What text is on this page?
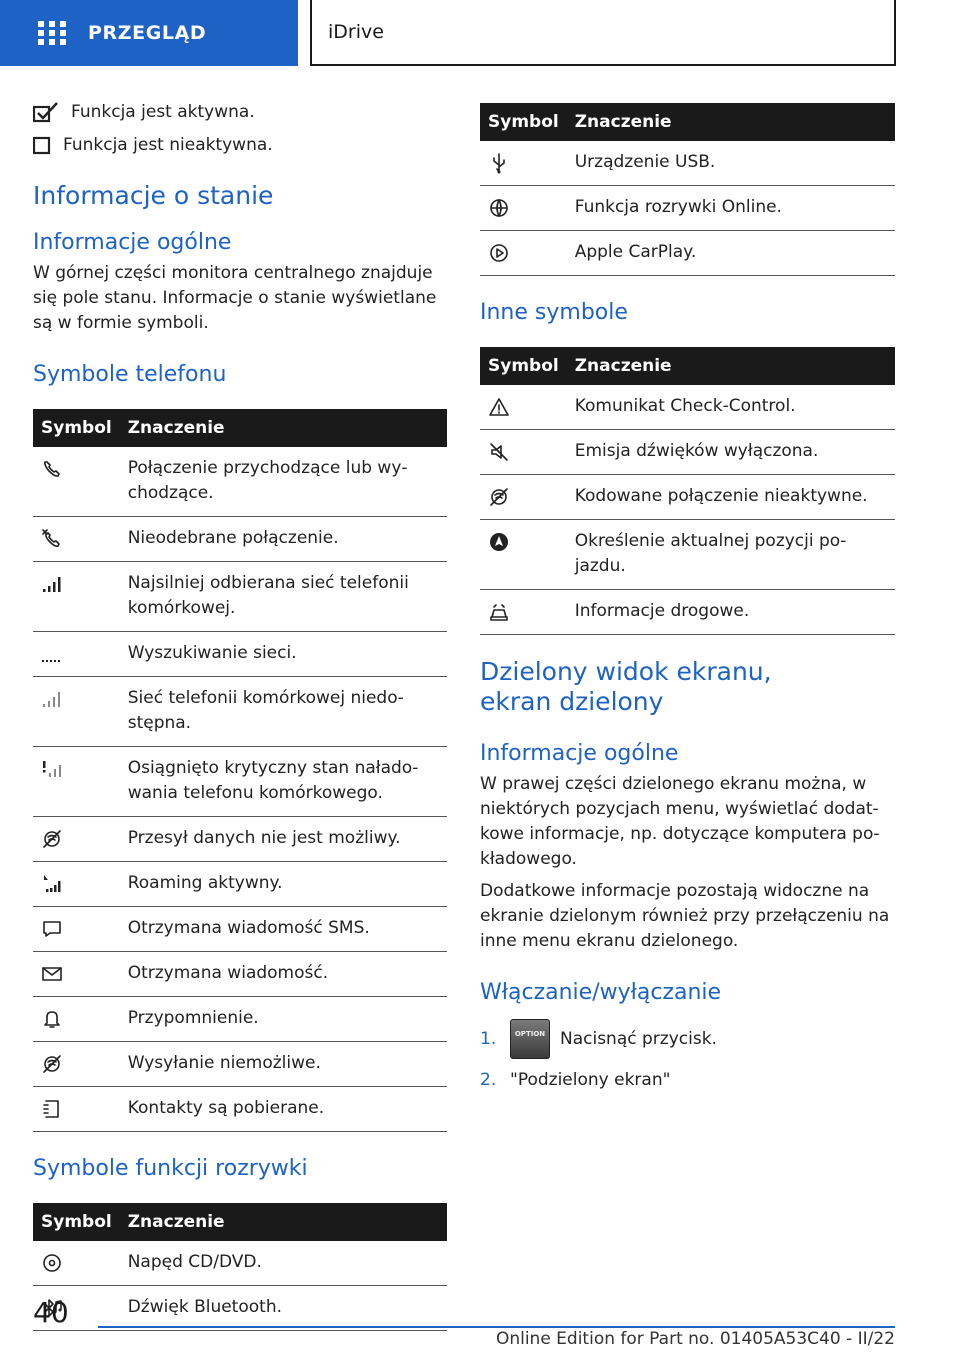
PRZEGLĄD	iDrive
Funkcja jest aktywna.
Funkcja jest nieaktywna.
Informacje o stanie
Informacje ogólne

W górnej części monitora centralnego znajduje się pole stanu. Informacje o stanie wyświetlane są w formie symboli.

Symbole telefonu
Symbol	Znaczenie

	Połączenie przychodzące lub wychodzące.

	Nieodebrane połączenie.

	Najsilniej odbierana sieć telefonii komórkowej.

	Wyszukiwanie sieci.

	Sieć telefonii komórkowej niedostępna.

	Osiągnięto krytyczny stan naładowania telefonu komórkowego.

	Przesył danych nie jest możliwy.

	Roaming aktywny.

	Otrzymana wiadomość SMS.

	Otrzymana wiadomość.

	Przypomnienie.

	Wysyłanie niemożliwe.

	Kontakty są pobierane.
Symbole funkcji rozrywki
Symbol	Znaczenie

	Napęd CD/DVD.

	Dźwięk Bluetooth.
Symbol	Znaczenie

	Urządzenie USB.

	Funkcja rozrywki Online.

	Apple CarPlay.
Inne symbole
Symbol	Znaczenie

	Komunikat Check-Control.

	Emisja dźwięków wyłączona.

	Kodowane połączenie nieaktywne.

	Określenie aktualnej pozycji pojazdu.

	Informacje drogowe.
Dzielony widok ekranu, ekran dzielony
Informacje ogólne

W prawej części dzielonego ekranu można, w niektórych pozycjach menu, wyświetlać dodatkowe informacje, np. dotyczące komputera pokładowego.

Dodatkowe informacje pozostają widoczne na ekranie dzielonym również przy przełączeniu na inne menu ekranu dzielonego.

Włączanie/wyłączanie
1.	OPTION Nacisnąć przycisk.
2. "Podzielony ekran"
40
Online Edition for Part no. 01405A53C40 - II/22
